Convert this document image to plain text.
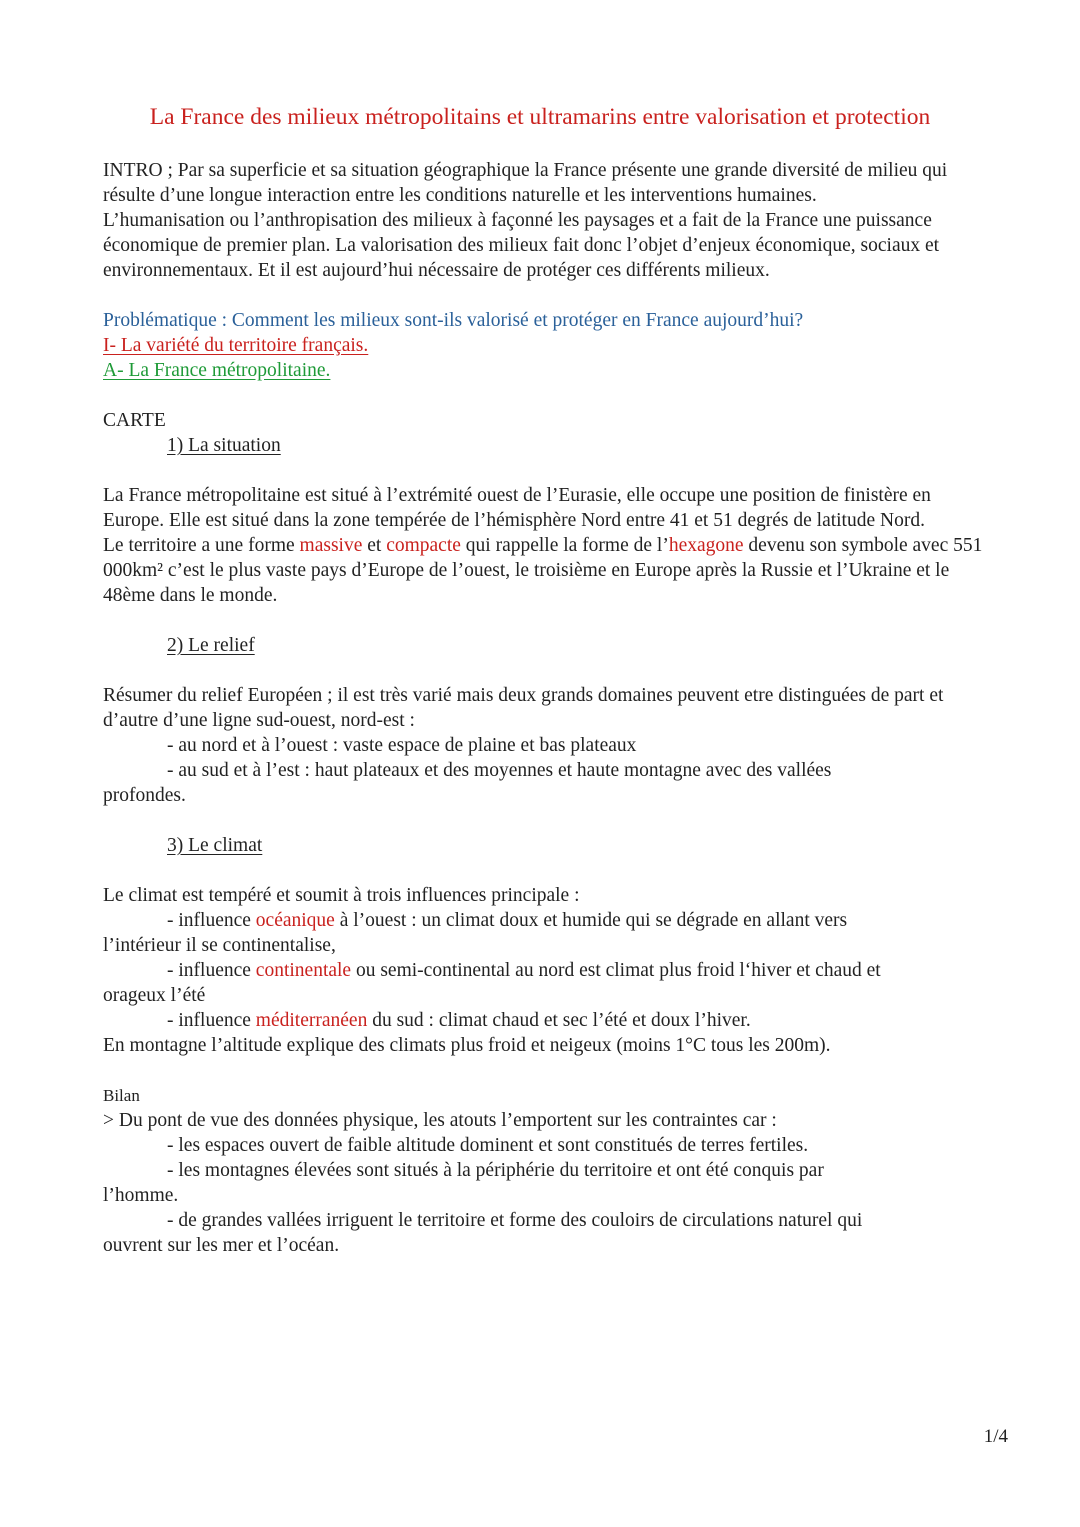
La France des milieux métropolitains et ultramarins entre valorisation et protection

INTRO ; Par sa superficie et sa situation géographique la France présente une grande diversité de milieu qui résulte d’une longue interaction entre les conditions naturelle et les interventions humaines.

L’humanisation ou l’anthropisation des milieux à façonné les paysages et a fait de la France une puissance économique de premier plan. La valorisation des milieux fait donc l’objet d’enjeux économique, sociaux et environnementaux. Et il est aujourd’hui nécessaire de protéger ces différents milieux.

Problématique : Comment les milieux sont-ils valorisé et protéger en France aujourd’hui?

I- La variété du territoire français.

A- La France métropolitaine.

CARTE

1) La situation

La France métropolitaine est situé à l’extrémité ouest de l’Eurasie, elle occupe une position de finistère en Europe. Elle est situé dans la zone tempérée de l’hémisphère Nord entre 41 et 51 degrés de latitude Nord.

Le territoire a une forme massive et compacte qui rappelle la forme de l’hexagone devenu son symbole avec 551 000km² c’est le plus vaste pays d’Europe de l’ouest, le troisième en Europe après la Russie et l’Ukraine et le 48ème dans le monde.

2) Le relief

Résumer du relief Européen ; il est très varié mais deux grands domaines peuvent etre distinguées de part et d’autre d’une ligne sud-ouest, nord-est :

- au nord et à l’ouest : vaste espace de plaine et bas plateaux

- au sud et à l’est : haut plateaux et des moyennes et haute montagne avec des vallées

profondes.

3) Le climat

Le climat est tempéré et soumit à trois influences principale :

- influence océanique à l’ouest : un climat doux et humide qui se dégrade en allant vers

l’intérieur il se continentalise,

- influence continentale ou semi-continental au nord est climat plus froid l‘hiver et chaud et

orageux l’été

- influence méditerranéen du sud : climat chaud et sec l’été et doux l’hiver.

En montagne l’altitude explique des climats plus froid et neigeux (moins 1°C tous les 200m).

Bilan

> Du pont de vue des données physique, les atouts l’emportent sur les contraintes car :

- les espaces ouvert de faible altitude dominent et sont constitués de terres fertiles.

- les montagnes élevées sont situés à la périphérie du territoire et ont été conquis par

l’homme.

- de grandes vallées irriguent le territoire et forme des couloirs de circulations naturel qui

ouvrent sur les mer et l’océan.

1/4
